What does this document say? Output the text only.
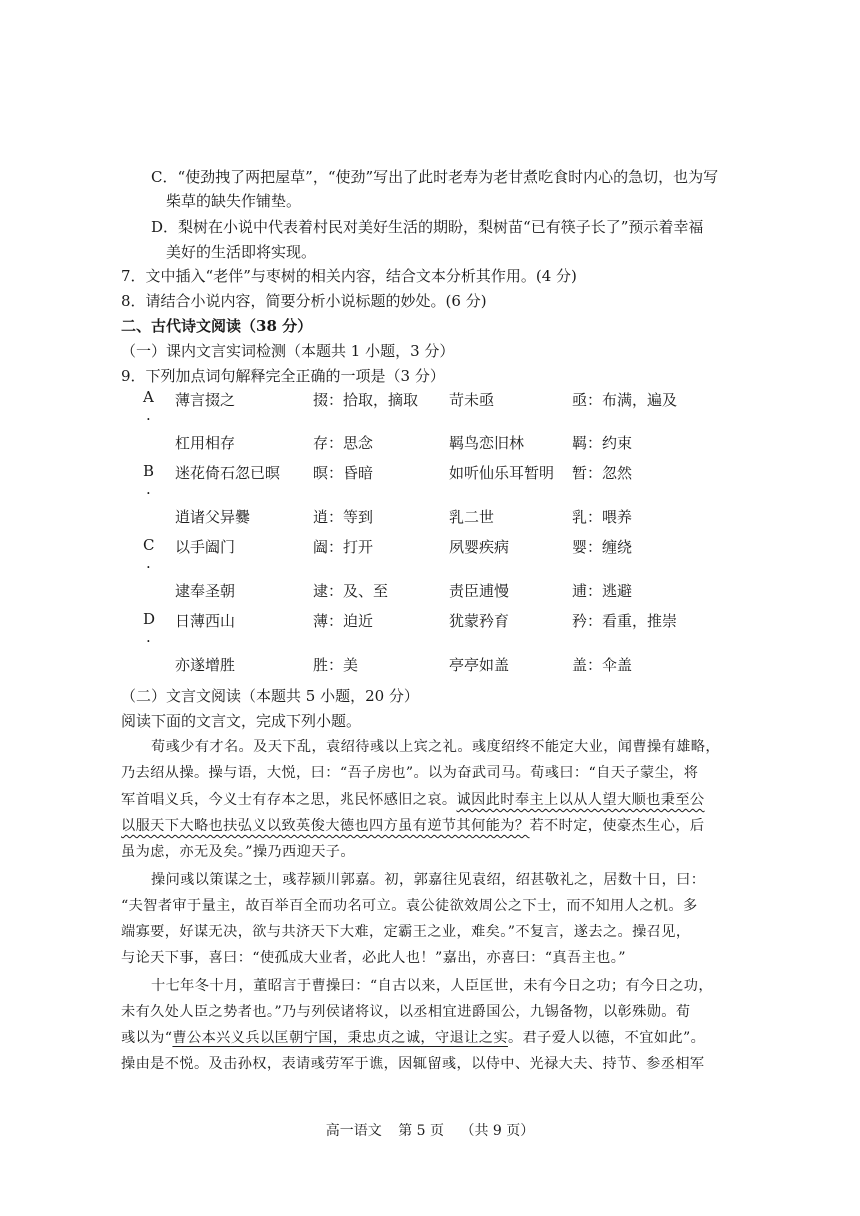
C．“使劲拽了两把屋草”，“使劲”写出了此时老寿为老甘煮吃食时内心的急切，也为写
柴草的缺失作铺垫。
D．梨树在小说中代表着村民对美好生活的期盼，梨树苗“已有筷子长了”预示着幸福
美好的生活即将实现。
7．文中插入“老伴”与枣树的相关内容，结合文本分析其作用。(4 分)
8．请结合小说内容，简要分析小说标题的妙处。(6 分)
二、古代诗文阅读（38 分）
（一）课内文言实词检测（本题共 1 小题，3 分）
9．下列加点词句解释完全正确的一项是（3 分）
A
.
薄言掇之	掇：拾取，摘取 苛未亟	亟：布满，遍及
杠用相存	存：思念	羁鸟恋旧林	羁：约束
B
.
迷花倚石忽已暝 暝：昏暗	如听仙乐耳暂明 暂：忽然
逍诸父异爨	逍：等到	乳二世	乳：喂养
C
.
以手阖门	阖：打开	夙婴疾病	婴：缠绕
逮奉圣朝	逮：及、至	责臣逋慢	逋：逃避
D
.
日薄西山	薄：迫近	犹蒙矜育	矜：看重，推崇
亦遂增胜	胜：美	亭亭如盖	盖：伞盖
（二）文言文阅读（本题共 5 小题，20 分）
阅读下面的文言文，完成下列小题。
荀彧少有才名。及天下乱，袁绍待彧以上宾之礼。彧度绍终不能定大业，闻曹操有雄略，
乃去绍从操。操与语，大悦，曰：“吾子房也”。以为奋武司马。荀彧曰：“自天子蒙尘，将
军首唱义兵，今义士有存本之思，兆民怀感旧之哀。诚因此时奉主上以从人望大顺也秉至公
以服天下大略也扶弘义以致英俊大德也四方虽有逆节其何能为？若不时定，使豪杰生心，后
虽为虑，亦无及矣。”操乃西迎天子。
操问彧以策谋之士，彧荐颍川郭嘉。初，郭嘉往见袁绍，绍甚敬礼之，居数十日，曰：
“夫智者审于量主，故百举百全而功名可立。袁公徒欲效周公之下士，而不知用人之机。多
端寡要，好谋无决，欲与共济天下大难，定霸王之业，难矣。”不复言，遂去之。操召见，
与论天下事，喜曰：“使孤成大业者，必此人也！”嘉出，亦喜曰：“真吾主也。”
十七年冬十月，董昭言于曹操曰：“自古以来，人臣匡世，未有今日之功；有今日之功，
未有久处人臣之势者也。”乃与列侯诸将议，以丞相宜进爵国公，九锡备物，以彰殊勋。荀
彧以为“曹公本兴义兵以匡朝宁国，秉忠贞之诚，守退让之实。君子爱人以德，不宜如此”。
操由是不悦。及击孙权，表请彧劳军于谯，因辄留彧，以侍中、光禄大夫、持节、参丞相军
高一语文 第 5 页 （共 9 页）
